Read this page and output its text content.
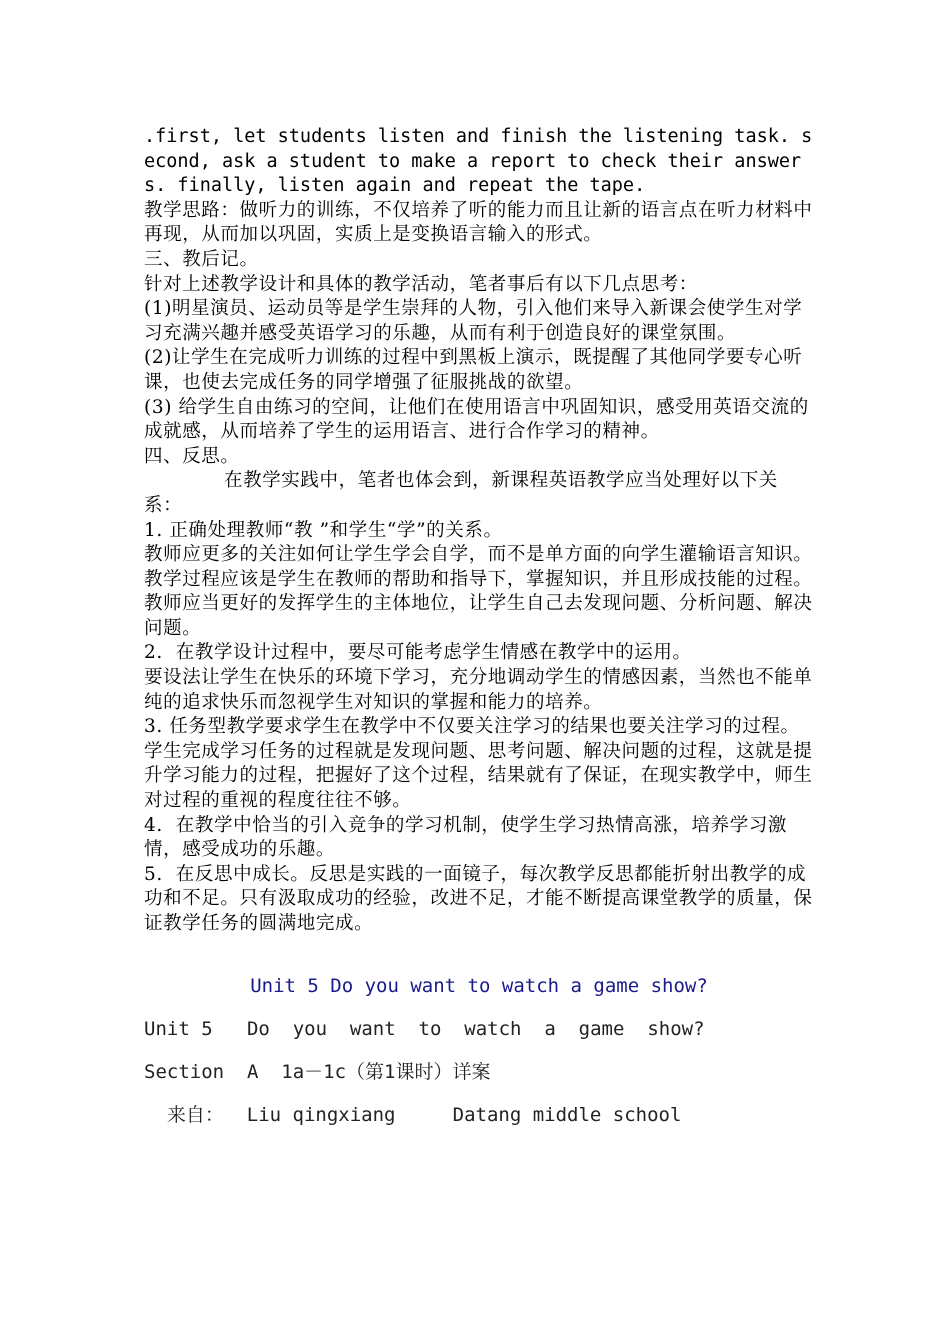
.first, let students listen and finish the listening task. second, ask a student to make a report to check their answers. finally, listen again and repeat the tape.

教学思路：做听力的训练，不仅培养了听的能力而且让新的语言点在听力材料中再现，从而加以巩固，实质上是变换语言输入的形式。

三、教后记。

针对上述教学设计和具体的教学活动，笔者事后有以下几点思考：

(1)明星演员、运动员等是学生崇拜的人物，引入他们来导入新课会使学生对学习充满兴趣并感受英语学习的乐趣，从而有利于创造良好的课堂氛围。

(2)让学生在完成听力训练的过程中到黑板上演示，既提醒了其他同学要专心听课，也使去完成任务的同学增强了征服挑战的欲望。

(3) 给学生自由练习的空间，让他们在使用语言中巩固知识，感受用英语交流的成就感，从而培养了学生的运用语言、进行合作学习的精神。

四、反思。

在教学实践中，笔者也体会到，新课程英语教学应当处理好以下关系：

1. 正确处理教师“教 ”和学生“学”的关系。

教师应更多的关注如何让学生学会自学，而不是单方面的向学生灌输语言知识。教学过程应该是学生在教师的帮助和指导下，掌握知识，并且形成技能的过程。教师应当更好的发挥学生的主体地位，让学生自己去发现问题、分析问题、解决问题。

2.  在教学设计过程中，要尽可能考虑学生情感在教学中的运用。

要设法让学生在快乐的环境下学习，充分地调动学生的情感因素，当然也不能单纯的追求快乐而忽视学生对知识的掌握和能力的培养。

3. 任务型教学要求学生在教学中不仅要关注学习的结果也要关注学习的过程。

学生完成学习任务的过程就是发现问题、思考问题、解决问题的过程，这就是提升学习能力的过程，把握好了这个过程，结果就有了保证，在现实教学中，师生对过程的重视的程度往往不够。

4.  在教学中恰当的引入竞争的学习机制，使学生学习热情高涨，培养学习激情，感受成功的乐趣。

5.  在反思中成长。反思是实践的一面镜子，每次教学反思都能折射出教学的成功和不足。只有汲取成功的经验，改进不足，才能不断提高课堂教学的质量，保证教学任务的圆满地完成。

Unit 5 Do you want to watch a game show?

Unit 5   Do  you  want  to  watch  a  game  show?

Section  A  1a－1c（第1课时）详案

来自：  Liu qingxiang     Datang middle school
